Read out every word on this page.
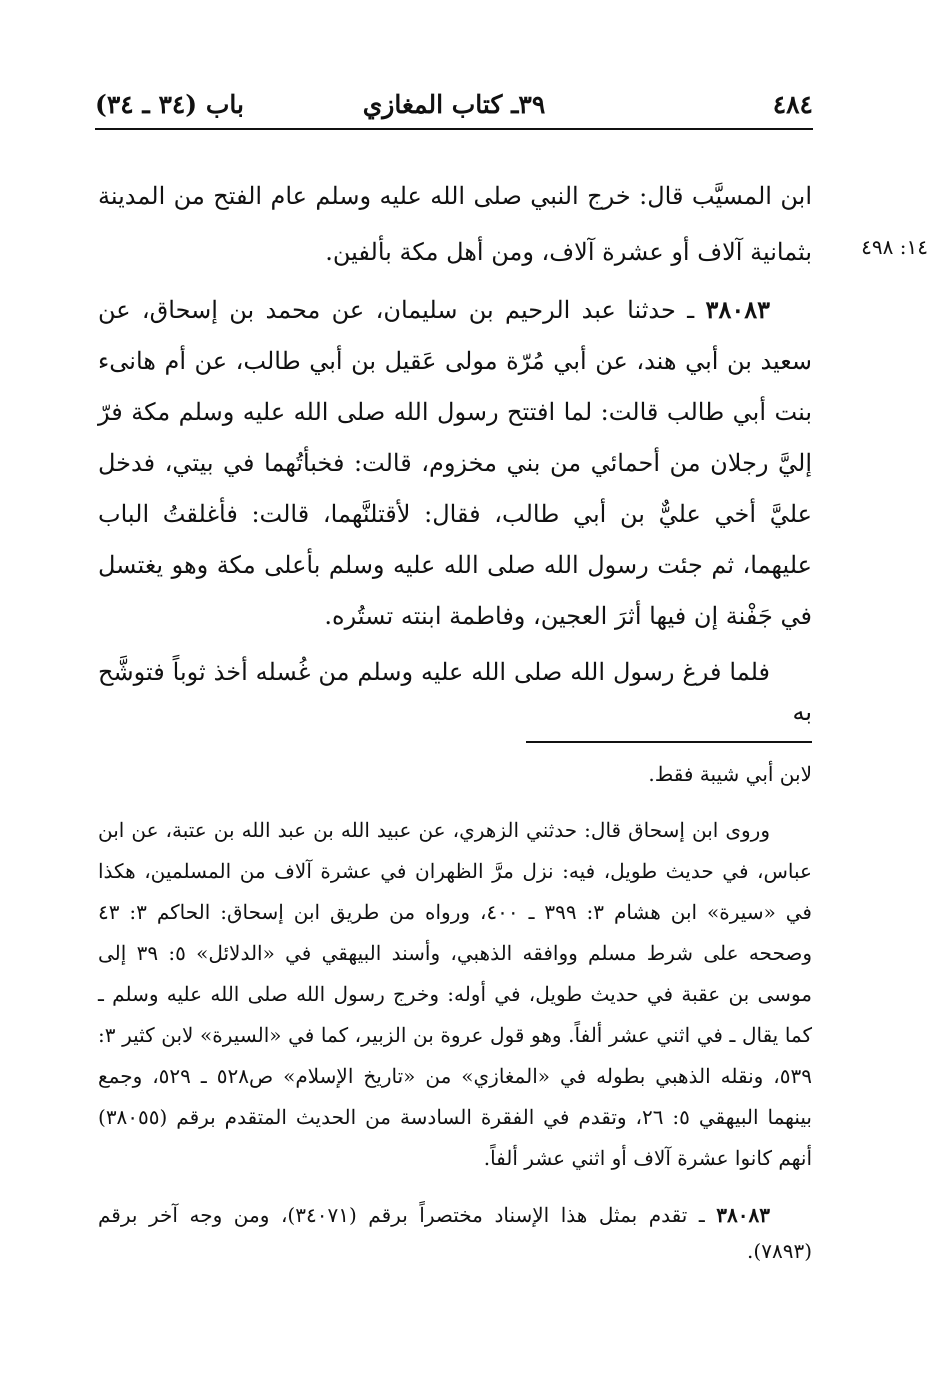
٤٨٤
٣٩ـ كتاب المغازي
باب (٣٤ ـ ٣٤)
١٤: ٤٩٨
ابن المسيَّب قال: خرج النبي صلى الله عليه وسلم عام الفتح من المدينة بثمانية آلاف أو عشرة آلاف، ومن أهل مكة بألفين.
٣٨٠٨٣ ـ حدثنا عبد الرحيم بن سليمان، عن محمد بن إسحاق، عن سعيد بن أبي هند، عن أبي مُرّة مولى عَقيل بن أبي طالب، عن أم هانىء بنت أبي طالب قالت: لما افتتح رسول الله صلى الله عليه وسلم مكة فرّ إليَّ رجلان من أحمائي من بني مخزوم، قالت: فخبأتُهما في بيتي، فدخل عليَّ أخي عليٌّ بن أبي طالب، فقال: لأقتلنَّهما، قالت: فأغلقتُ الباب عليهما، ثم جئت رسول الله صلى الله عليه وسلم بأعلى مكة وهو يغتسل في جَفْنة إن فيها أثرَ العجين، وفاطمة ابنته تستُره.
فلما فرغ رسول الله صلى الله عليه وسلم من غُسله أخذ ثوباً فتوشَّح به
لابن أبي شيبة فقط.
وروى ابن إسحاق قال: حدثني الزهري، عن عبيد الله بن عبد الله بن عتبة، عن ابن عباس، في حديث طويل، فيه: نزل مرَّ الظهران في عشرة آلاف من المسلمين، هكذا في «سيرة» ابن هشام ٣: ٣٩٩ ـ ٤٠٠، ورواه من طريق ابن إسحاق: الحاكم ٣: ٤٣ وصححه على شرط مسلم ووافقه الذهبي، وأسند البيهقي في «الدلائل» ٥: ٣٩ إلى موسى بن عقبة في حديث طويل، في أوله: وخرج رسول الله صلى الله عليه وسلم ـ كما يقال ـ في اثني عشر ألفاً. وهو قول عروة بن الزبير، كما في «السيرة» لابن كثير ٣: ٥٣٩، ونقله الذهبي بطوله في «المغازي» من «تاريخ الإسلام» ص٥٢٨ ـ ٥٢٩، وجمع بينهما البيهقي ٥: ٢٦، وتقدم في الفقرة السادسة من الحديث المتقدم برقم (٣٨٠٥٥) أنهم كانوا عشرة آلاف أو اثني عشر ألفاً.
٣٨٠٨٣ ـ تقدم بمثل هذا الإسناد مختصراً برقم (٣٤٠٧١)، ومن وجه آخر برقم (٧٨٩٣).
